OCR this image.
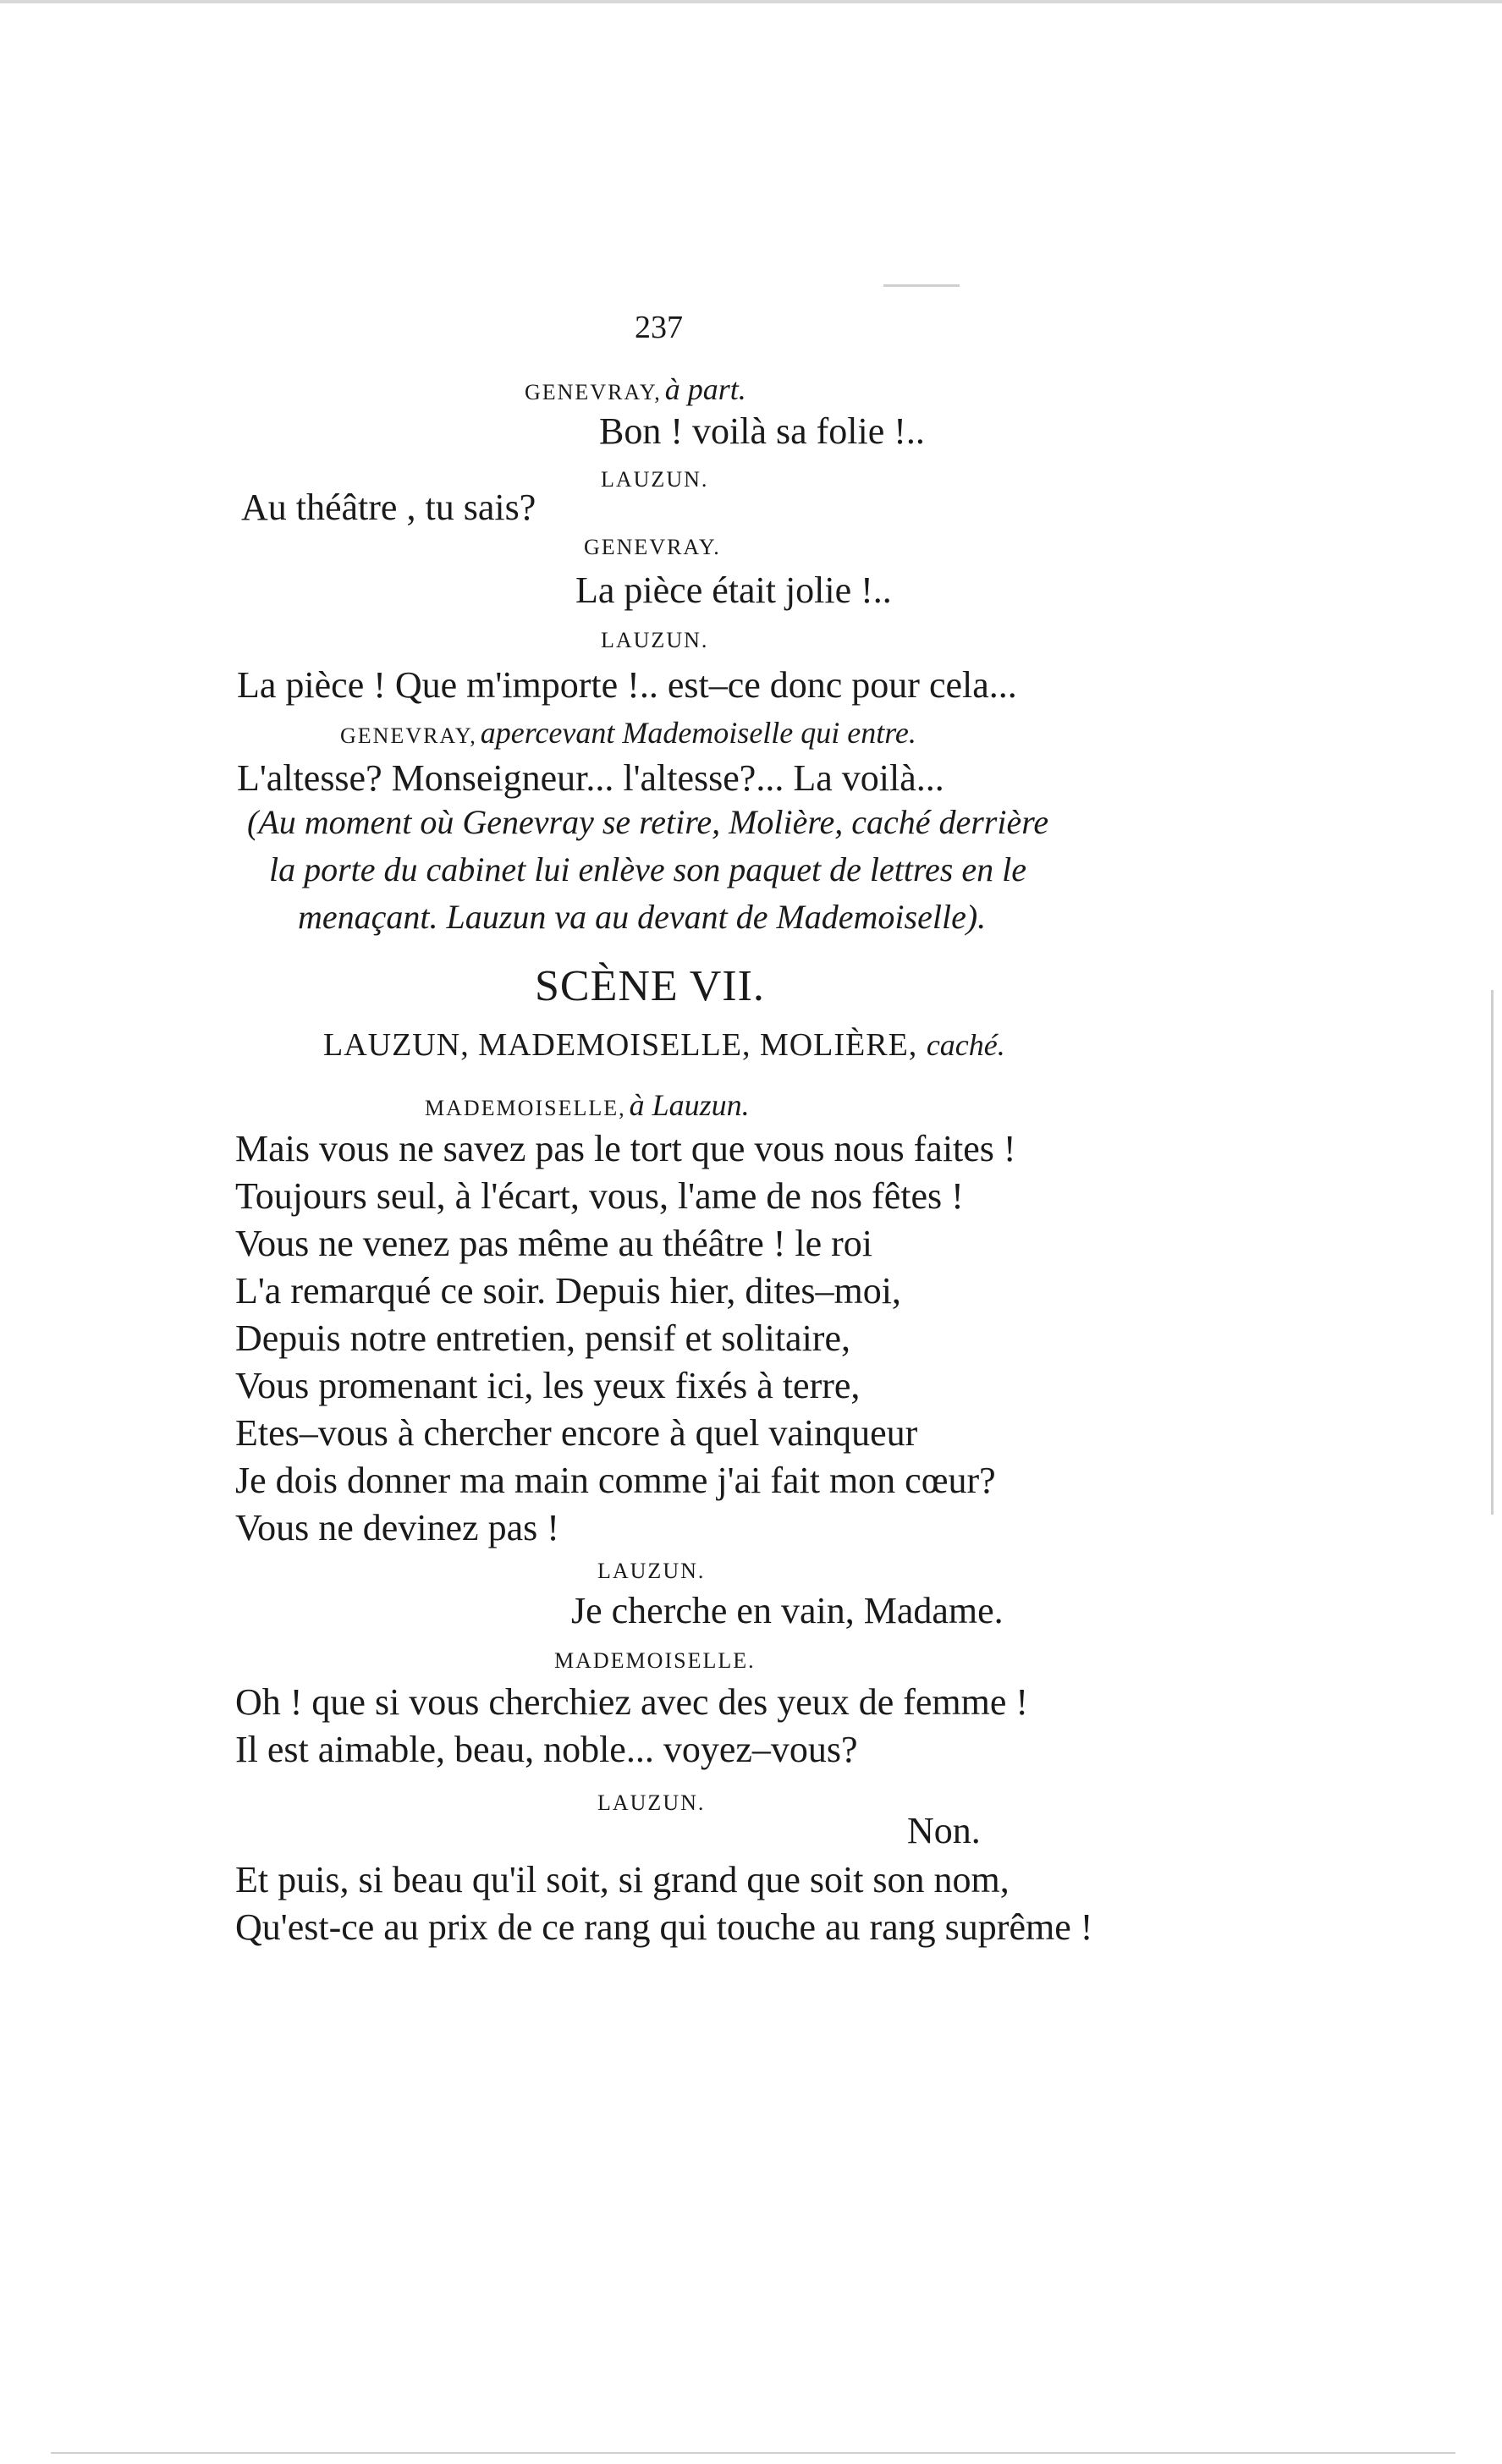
237
GENEVRAY, à part.
Bon ! voilà sa folie !..
LAUZUN.
Au théâtre , tu sais?
GENEVRAY.
La pièce était jolie !..
LAUZUN.
La pièce ! Que m'importe !.. est–ce donc pour cela...
GENEVRAY, apercevant Mademoiselle qui entre.
L'altesse? Monseigneur... l'altesse?... La voilà...
(Au moment où Genevray se retire, Molière, caché derrière
la porte du cabinet lui enlève son paquet de lettres en le
menaçant. Lauzun va au devant de Mademoiselle).
SCÈNE VII.
LAUZUN, MADEMOISELLE, MOLIÈRE, caché.
MADEMOISELLE, à Lauzun.
Mais vous ne savez pas le tort que vous nous faites !
Toujours seul, à l'écart, vous, l'ame de nos fêtes !
Vous ne venez pas même au théâtre ! le roi
L'a remarqué ce soir. Depuis hier, dites–moi,
Depuis notre entretien, pensif et solitaire,
Vous promenant ici, les yeux fixés à terre,
Etes–vous à chercher encore à quel vainqueur
Je dois donner ma main comme j'ai fait mon cœur?
Vous ne devinez pas !
LAUZUN.
Je cherche en vain, Madame.
MADEMOISELLE.
Oh ! que si vous cherchiez avec des yeux de femme !
Il est aimable, beau, noble... voyez–vous?
LAUZUN.
Non.
Et puis, si beau qu'il soit, si grand que soit son nom,
Qu'est-ce au prix de ce rang qui touche au rang suprême !
